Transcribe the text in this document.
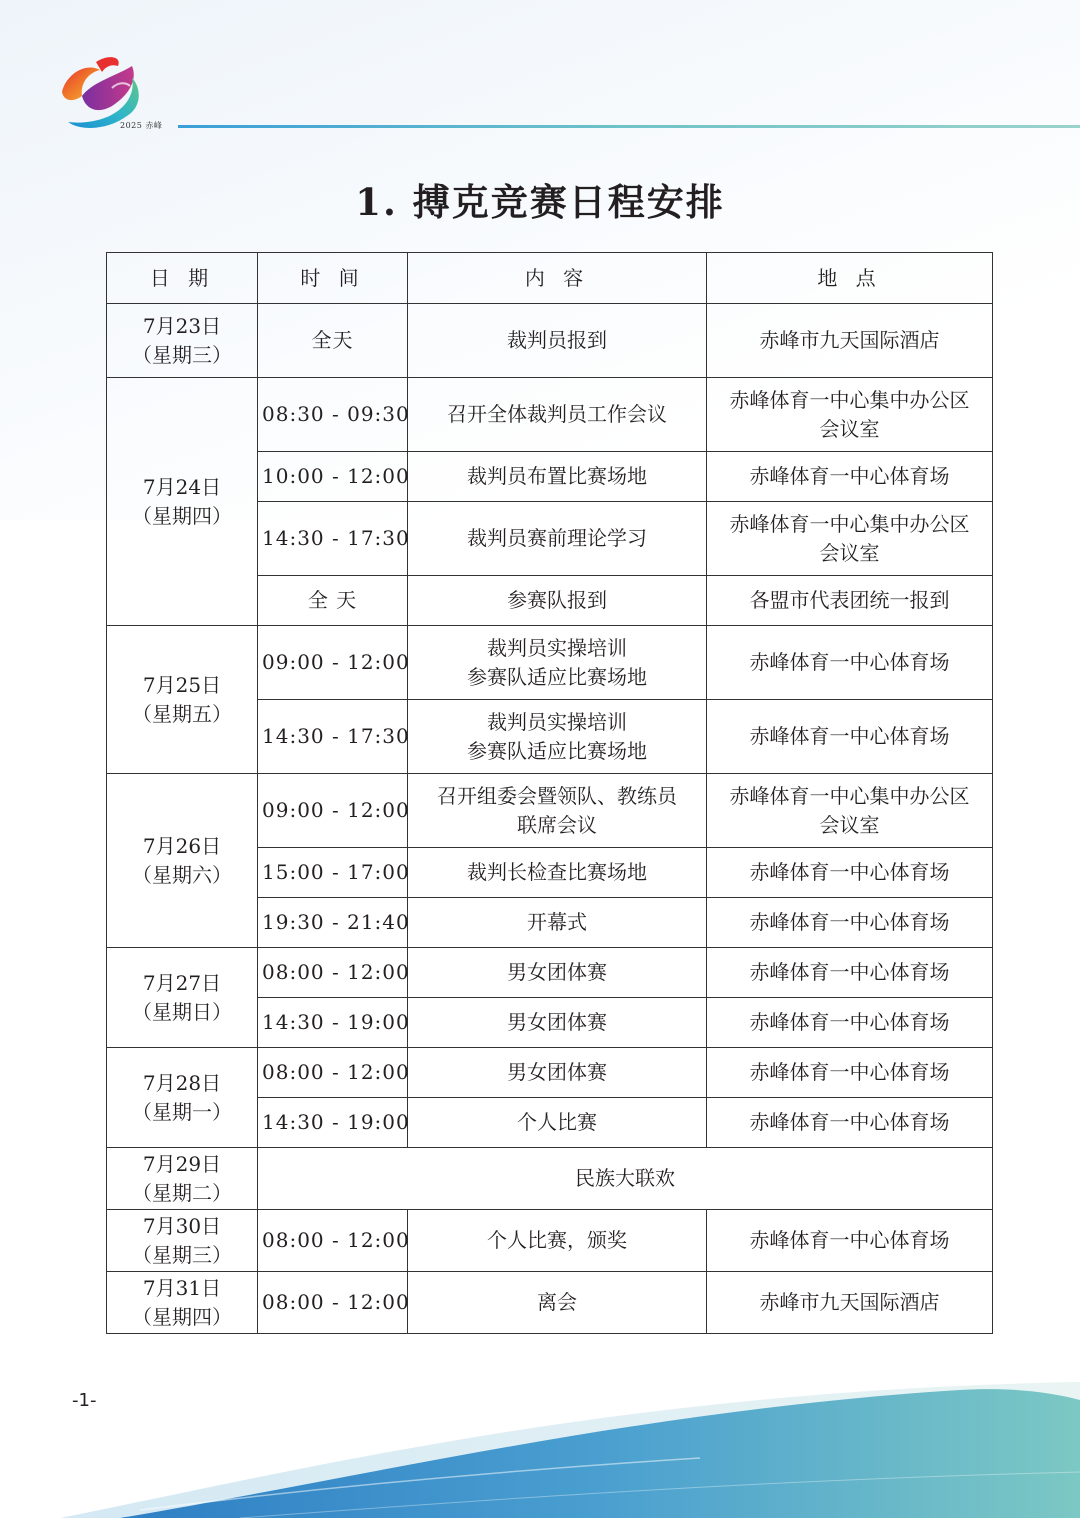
2025 赤峰
1. 搏克竞赛日程安排
日 期	时 间	内 容	地 点

7月23日
（星期三）	全天	裁判员报到	赤峰市九天国际酒店

7月24日
（星期四）	08:30 - 09:30	召开全体裁判员工作会议	赤峰体育一中心集中办公区
会议室

	10:00 - 12:00	裁判员布置比赛场地	赤峰体育一中心体育场
	14:30 - 17:30	裁判员赛前理论学习	赤峰体育一中心集中办公区
会议室

	全 天	参赛队报到	各盟市代表团统一报到

7月25日
（星期五）	09:00 - 12:00	裁判员实操培训
参赛队适应比赛场地	赤峰体育一中心体育场
	14:30 - 17:30	裁判员实操培训
参赛队适应比赛场地	赤峰体育一中心体育场

7月26日
（星期六）	09:00 - 12:00	召开组委会暨领队、教练员
联席会议	赤峰体育一中心集中办公区
会议室

	15:00 - 17:00	裁判长检查比赛场地	赤峰体育一中心体育场
	19:30 - 21:40	开幕式	赤峰体育一中心体育场

7月27日
（星期日）	08:00 - 12:00	男女团体赛	赤峰体育一中心体育场
	14:30 - 19:00	男女团体赛	赤峰体育一中心体育场

7月28日
（星期一）	08:00 - 12:00	男女团体赛	赤峰体育一中心体育场
	14:30 - 19:00	个人比赛	赤峰体育一中心体育场

7月29日
（星期二）	民族大联欢		

7月30日
（星期三）	08:00 - 12:00	个人比赛，颁奖	赤峰体育一中心体育场

7月31日
（星期四）	08:00 - 12:00	离会	赤峰市九天国际酒店
-1-
